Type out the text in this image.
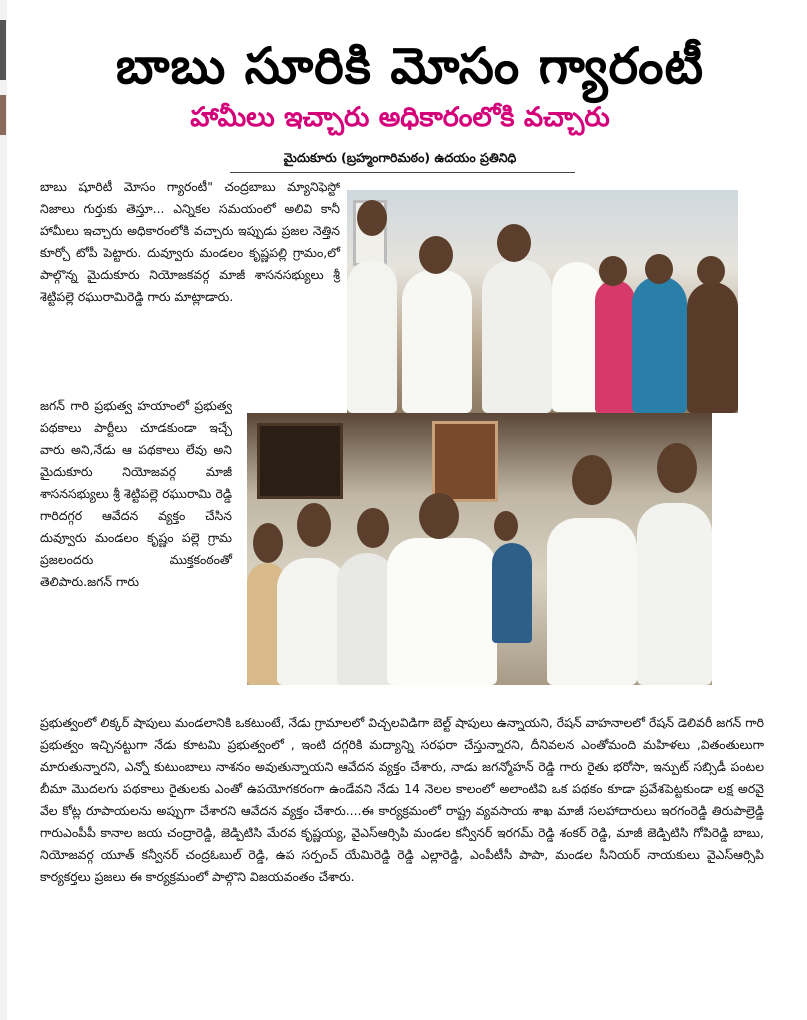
బాబు సూరికి మోసం గ్యారంటీ
హామీలు ఇచ్చారు అధికారంలోకి వచ్చారు
మైదుకూరు (బ్రహ్మంగారిమఠం) ఉదయం ప్రతినిధి

బాబు షూరిటీ మోసం గ్యారంటీ" చంద్రబాబు మ్యానిఫెస్టో నిజాలు గుర్తుకు తెస్తూ... ఎన్నికల సమయంలో అలివి కానీ హామీలు ఇచ్చారు అధికారంలోకి వచ్చారు ఇప్పుడు ప్రజల నెత్తిన కూర్చో టోపీ పెట్టారు. దువ్వూరు మండలం కృష్ణపల్లి గ్రామం,లో పాల్గొన్న మైదుకూరు నియోజకవర్గ మాజీ శాసనసభ్యులు శ్రీ శెట్టిపల్లె రఘురామిరెడ్డి గారు మాట్లాడారు.

జగన్ గారి ప్రభుత్వ హయాంలో ప్రభుత్వ పథకాలు పార్టీలు చూడకుండా ఇచ్చే వారు అని,నేడు ఆ పథకాలు లేవు అని మైదుకూరు నియోజవర్గ మాజీ శాసనసభ్యులు శ్రీ శెట్టిపల్లె రఘురామి రెడ్డి గారిదగ్గర ఆవేదన వ్యక్తం చేసిన దువ్వూరు మండలం కృష్ణం పల్లె గ్రామ ప్రజలందరు ముక్తకంఠంతో తెలిపారు.జగన్ గారు

ప్రభుత్వంలో లిక్కర్ షాపులు మండలానికి ఒకటుంటే, నేడు గ్రామాలలో విచ్చలవిడిగా బెల్ట్ షాపులు ఉన్నాయని, రేషన్ వాహనాలలో రేషన్ డెలివరీ జగన్ గారి ప్రభుత్వం ఇచ్చినట్టుగా నేడు కూటమి ప్రభుత్వంలో , ఇంటి దగ్గరికి మద్యాన్ని సరఫరా చేస్తున్నారని, దీనివలన ఎంతోమంది మహిళలు ,వితంతులుగా మారుతున్నారని, ఎన్నో కుటుంబాలు నాశనం అవుతున్నాయని ఆవేదన వ్యక్తం చేశారు, నాడు జగన్మోహన్ రెడ్డి గారు రైతు భరోసా, ఇన్పుట్ సబ్సిడీ పంటల బీమా మొదలగు పథకాలు రైతులకు ఎంతో ఉపయోగకరంగా ఉండేవని నేడు 14 నెలల కాలంలో అలాంటివి ఒక పథకం కూడా ప్రవేశపెట్టకుండా లక్ష అరవై వేల కోట్ల రూపాయలను అప్పుగా చేశారని ఆవేదన వ్యక్తం చేశారు....ఈ కార్యక్రమంలో రాష్ట్ర వ్యవసాయ శాఖ మాజీ సలహాదారులు ఇరగంరెడ్డి తిరుపాల్రెడ్డి గారుఎంపీపీ కానాల జయ చంద్రారెడ్డి, జెడ్పిటిసి మేరవ కృష్ణయ్య, వైఎస్ఆర్సిపి మండల కన్వీనర్ ఇరగమ్ రెడ్డి శంకర్ రెడ్డి, మాజీ జెడ్పిటిసి గోపిరెడ్డి బాబు, నియోజవర్గ యూత్ కన్వీనర్ చంద్రఓబుల్ రెడ్డి, ఉప సర్పంచ్ యేమిరెడ్డి రెడ్డి ఎల్లారెడ్డి, ఎంపీటీసీ పాపా, మండల సీనియర్ నాయకులు వైఎస్ఆర్సిపి కార్యకర్తలు ప్రజలు ఈ కార్యక్రమంలో పాల్గొని విజయవంతం చేశారు.
